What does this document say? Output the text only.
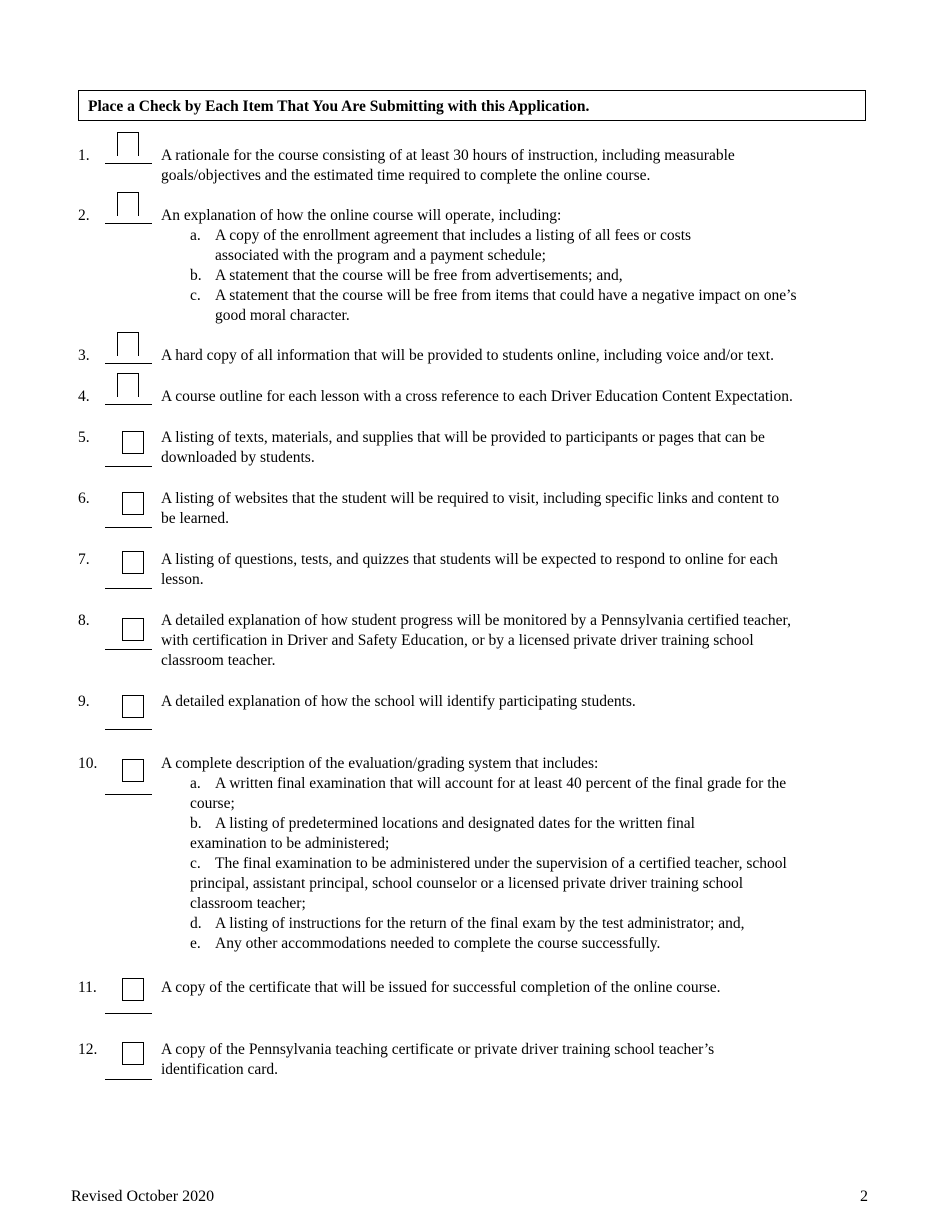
Place a Check by Each Item That You Are Submitting with this Application.
1.	A rationale for the course consisting of at least 30 hours of instruction, including measurable
goals/objectives and the estimated time required to complete the online course.
2.	An explanation of how the online course will operate, including:
a. A copy of the enrollment agreement that includes a listing of all fees or costs
associated with the program and a payment schedule;
b. A statement that the course will be free from advertisements; and,
c. A statement that the course will be free from items that could have a negative impact on one’s
good moral character.
3.	A hard copy of all information that will be provided to students online, including voice and/or text.
4.	A course outline for each lesson with a cross reference to each Driver Education Content Expectation.
5.	A listing of texts, materials, and supplies that will be provided to participants or pages that can be
downloaded by students.
6.	A listing of websites that the student will be required to visit, including specific links and content to
be learned.
7.	A listing of questions, tests, and quizzes that students will be expected to respond to online for each
lesson.
8.	A detailed explanation of how student progress will be monitored by a Pennsylvania certified teacher,
with certification in Driver and Safety Education, or by a licensed private driver training school
classroom teacher.
9.	A detailed explanation of how the school will identify participating students.
10.	A complete description of the evaluation/grading system that includes:
a. A written final examination that will account for at least 40 percent of the final grade for the
course;
b. A listing of predetermined locations and designated dates for the written final
examination to be administered;
c. The final examination to be administered under the supervision of a certified teacher, school
principal, assistant principal, school counselor or a licensed private driver training school
classroom teacher;
d. A listing of instructions for the return of the final exam by the test administrator; and,
e. Any other accommodations needed to complete the course successfully.
11.	A copy of the certificate that will be issued for successful completion of the online course.
12.	A copy of the Pennsylvania teaching certificate or private driver training school teacher’s
identification card.
Revised October 2020	2
